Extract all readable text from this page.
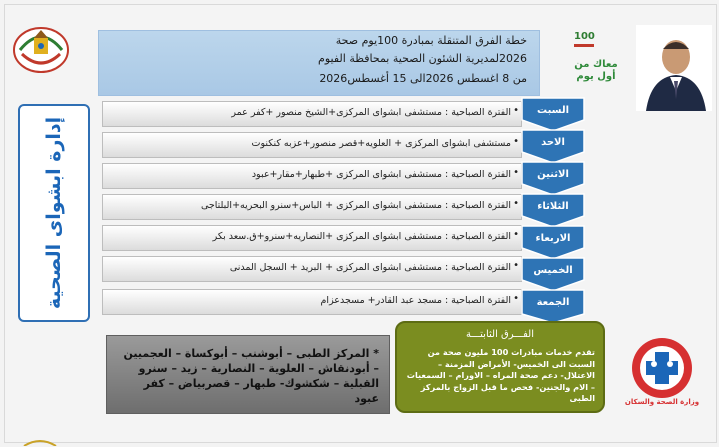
خطة الفرق المتنقلة بمبادرة 100يوم صحة
2026لمديرية الشئون الصحية بمحافظة الفيوم
من 8 اغسطس 2026الى 15 أغسطس2026
100
معاك من أول يوم
إدارة ابشواى الصحية
•
الفترة الصباحية : مستشفى ابشواى المركزى+الشيخ منصور +كفر عمر
•
مستشفى ابشواى المركزى + العلويه+قصر منصور+عزبه كنكنوت
•
الفترة الصباحية : مستشفى ابشواى المركزى +طبهار+مقار+عبود
•
الفترة الصباحية : مستشفى ابشواى المركزى + الباس+سنرو البحريه+البلتاجى
•
الفترة الصباحية : مستشفى ابشواى المركزى +النصاريه+سنرو+ق.سعد بكر
•
الفترة الصباحية : مستشفى ابشواى المركزى + البريد + السجل المدنى
•
الفترة الصباحية : مسجد عبد القادر+ مسجدعزام
السبت
الاحد
الاثنين
الثلاثاء
الاربعاء
الخميس
الجمعة
* المركز الطبى – أبوشنب – أبوكساة – العجميين – أبودنقاش – العلوية – النصارية – زيد – سنرو القبلية – شكشوك- طبهار – قصربياض – كفر عبود
الفـــرق الثابتـــة
تقدم خدمات مبادرات 100 مليون صحة من السبت الى الخميس- الأمراض المزمنة – الاعتلال- دعم صحة المراه – الاورام – السمعيات – الام والجنين- فحص ما قبل الزواج بالمركز الطبى	وزارة الصحة والسكان
